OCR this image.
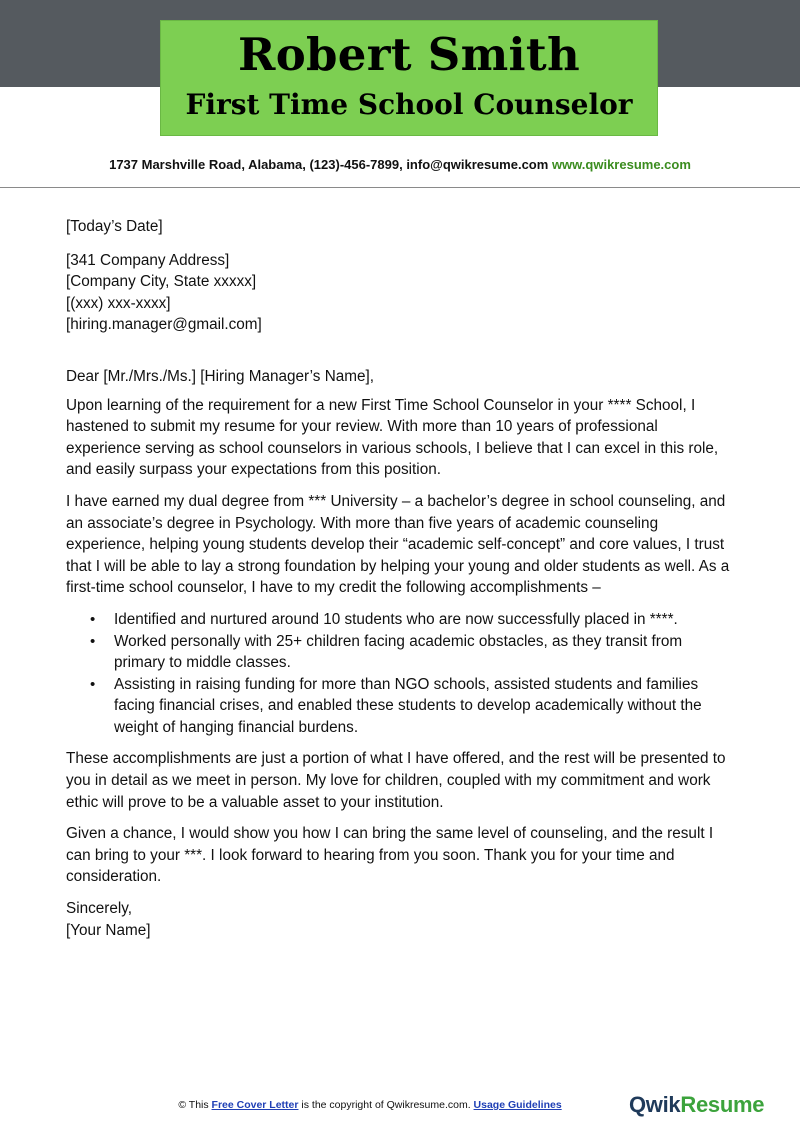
Robert Smith
First Time School Counselor
1737 Marshville Road, Alabama, (123)-456-7899, info@qwikresume.com www.qwikresume.com

[Today’s Date]

[341 Company Address]
[Company City, State xxxxx]
[(xxx) xxx-xxxx]
[hiring.manager@gmail.com]

Dear [Mr./Mrs./Ms.] [Hiring Manager’s Name],

Upon learning of the requirement for a new First Time School Counselor in your **** School, I hastened to submit my resume for your review. With more than 10 years of professional experience serving as school counselors in various schools, I believe that I can excel in this role, and easily surpass your expectations from this position.

I have earned my dual degree from *** University – a bachelor’s degree in school counseling, and an associate’s degree in Psychology. With more than five years of academic counseling experience, helping young students develop their “academic self-concept” and core values, I trust that I will be able to lay a strong foundation by helping your young and older students as well. As a first-time school counselor, I have to my credit the following accomplishments –

• Identified and nurtured around 10 students who are now successfully placed in ****.
• Worked personally with 25+ children facing academic obstacles, as they transit from primary to middle classes.
• Assisting in raising funding for more than NGO schools, assisted students and families facing financial crises, and enabled these students to develop academically without the weight of hanging financial burdens.

These accomplishments are just a portion of what I have offered, and the rest will be presented to you in detail as we meet in person. My love for children, coupled with my commitment and work ethic will prove to be a valuable asset to your institution.

Given a chance, I would show you how I can bring the same level of counseling, and the result I can bring to your ***. I look forward to hearing from you soon. Thank you for your time and consideration.

Sincerely,

[Your Name]

© This Free Cover Letter is the copyright of Qwikresume.com. Usage Guidelines	QwikResume
